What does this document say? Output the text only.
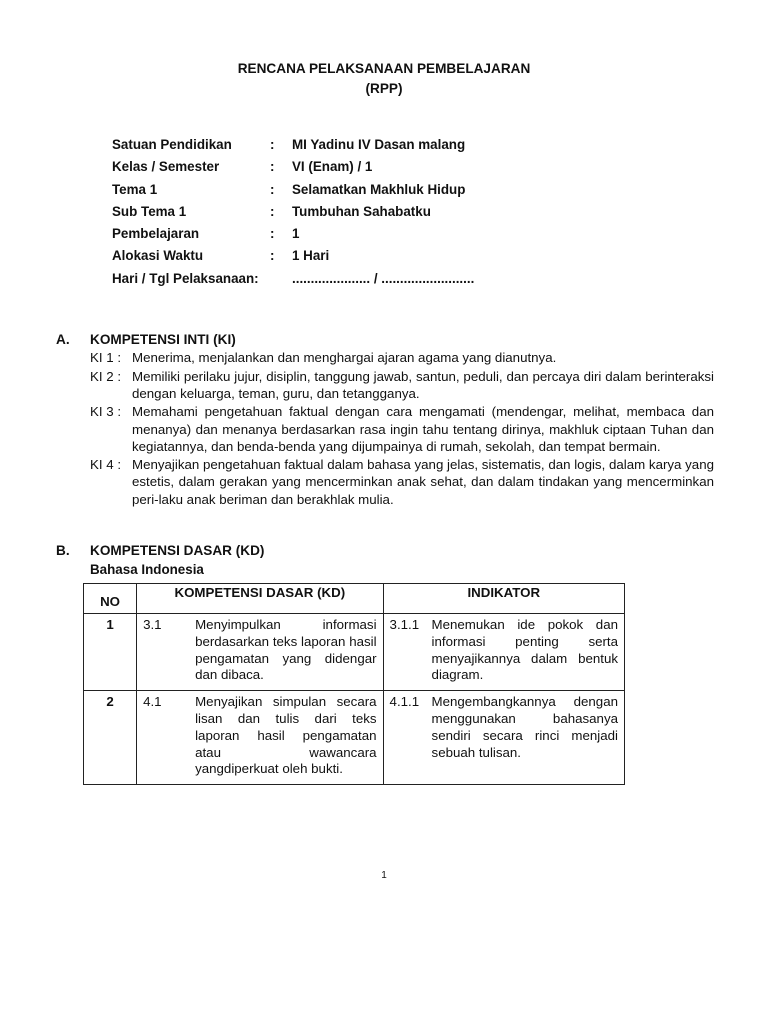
RENCANA PELAKSANAAN PEMBELAJARAN
(RPP)
Satuan Pendidikan	: MI Yadinu IV Dasan malang
Kelas / Semester	: VI (Enam) / 1
Tema 1	: Selamatkan Makhluk Hidup
Sub Tema 1	: Tumbuhan Sahabatku
Pembelajaran	: 1
Alokasi Waktu	: 1 Hari
Hari / Tgl Pelaksanaan: ..................... / .........................
A. KOMPETENSI INTI (KI)
KI 1 : Menerima, menjalankan dan menghargai ajaran agama yang dianutnya.
KI 2 : Memiliki perilaku jujur, disiplin, tanggung jawab, santun, peduli, dan percaya diri dalam berinteraksi dengan keluarga, teman, guru, dan tetangganya.
KI 3 : Memahami pengetahuan faktual dengan cara mengamati (mendengar, melihat, membaca dan menanya) dan menanya berdasarkan rasa ingin tahu tentang dirinya, makhluk ciptaan Tuhan dan kegiatannya, dan benda-benda yang dijumpainya di rumah, sekolah, dan tempat bermain.
KI 4 : Menyajikan pengetahuan faktual dalam bahasa yang jelas, sistematis, dan logis, dalam karya yang estetis, dalam gerakan yang mencerminkan anak sehat, dan dalam tindakan yang mencerminkan peri-laku anak beriman dan berakhlak mulia.
B. KOMPETENSI DASAR (KD)
Bahasa Indonesia
NO	KOMPETENSI DASAR (KD)	INDIKATOR
1	3.1 Menyimpulkan informasi berdasarkan teks laporan hasil pengamatan yang didengar dan dibaca.	3.1.1 Menemukan ide pokok dan informasi penting serta menyajikannya dalam bentuk diagram.

2	4.1 Menyajikan simpulan secara lisan dan tulis dari teks laporan hasil pengamatan atau wawancara yangdiperkuat oleh bukti.	4.1.1 Mengembangkannya dengan menggunakan bahasanya sendiri secara rinci menjadi sebuah tulisan.
1
